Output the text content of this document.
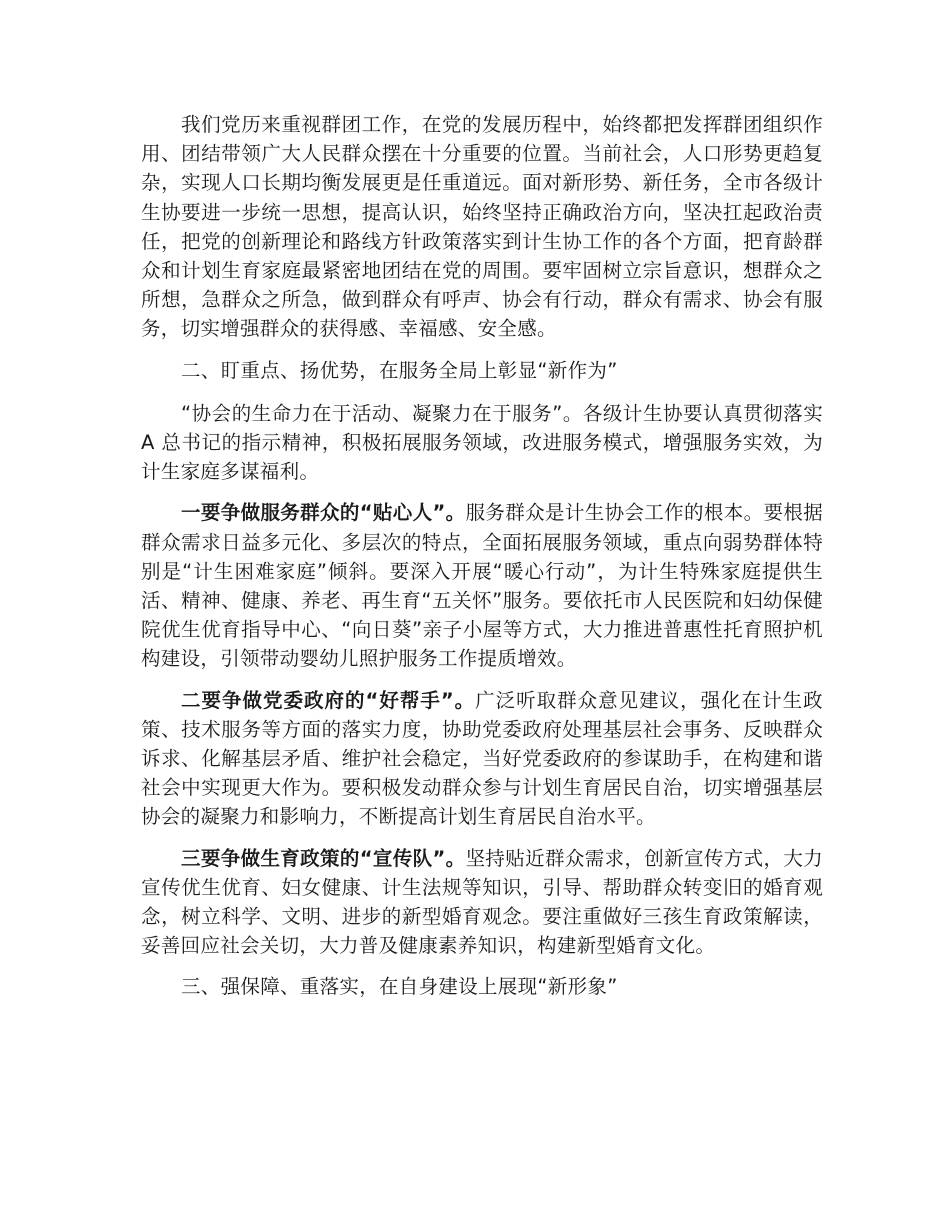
我们党历来重视群团工作，在党的发展历程中，始终都把发挥群团组织作用、团结带领广大人民群众摆在十分重要的位置。当前社会，人口形势更趋复杂，实现人口长期均衡发展更是任重道远。面对新形势、新任务，全市各级计生协要进一步统一思想，提高认识，始终坚持正确政治方向，坚决扛起政治责任，把党的创新理论和路线方针政策落实到计生协工作的各个方面，把育龄群众和计划生育家庭最紧密地团结在党的周围。要牢固树立宗旨意识，想群众之所想，急群众之所急，做到群众有呼声、协会有行动，群众有需求、协会有服务，切实增强群众的获得感、幸福感、安全感。

二、盯重点、扬优势，在服务全局上彰显“新作为”

“协会的生命力在于活动、凝聚力在于服务”。各级计生协要认真贯彻落实 A 总书记的指示精神，积极拓展服务领域，改进服务模式，增强服务实效，为计生家庭多谋福利。

一要争做服务群众的“贴心人”。服务群众是计生协会工作的根本。要根据群众需求日益多元化、多层次的特点，全面拓展服务领域，重点向弱势群体特别是“计生困难家庭”倾斜。要深入开展“暖心行动”，为计生特殊家庭提供生活、精神、健康、养老、再生育“五关怀”服务。要依托市人民医院和妇幼保健院优生优育指导中心、“向日葵”亲子小屋等方式，大力推进普惠性托育照护机构建设，引领带动婴幼儿照护服务工作提质增效。

二要争做党委政府的“好帮手”。广泛听取群众意见建议，强化在计生政策、技术服务等方面的落实力度，协助党委政府处理基层社会事务、反映群众诉求、化解基层矛盾、维护社会稳定，当好党委政府的参谋助手，在构建和谐社会中实现更大作为。要积极发动群众参与计划生育居民自治，切实增强基层协会的凝聚力和影响力，不断提高计划生育居民自治水平。

三要争做生育政策的“宣传队”。坚持贴近群众需求，创新宣传方式，大力宣传优生优育、妇女健康、计生法规等知识，引导、帮助群众转变旧的婚育观念，树立科学、文明、进步的新型婚育观念。要注重做好三孩生育政策解读，妥善回应社会关切，大力普及健康素养知识，构建新型婚育文化。

三、强保障、重落实，在自身建设上展现“新形象”
